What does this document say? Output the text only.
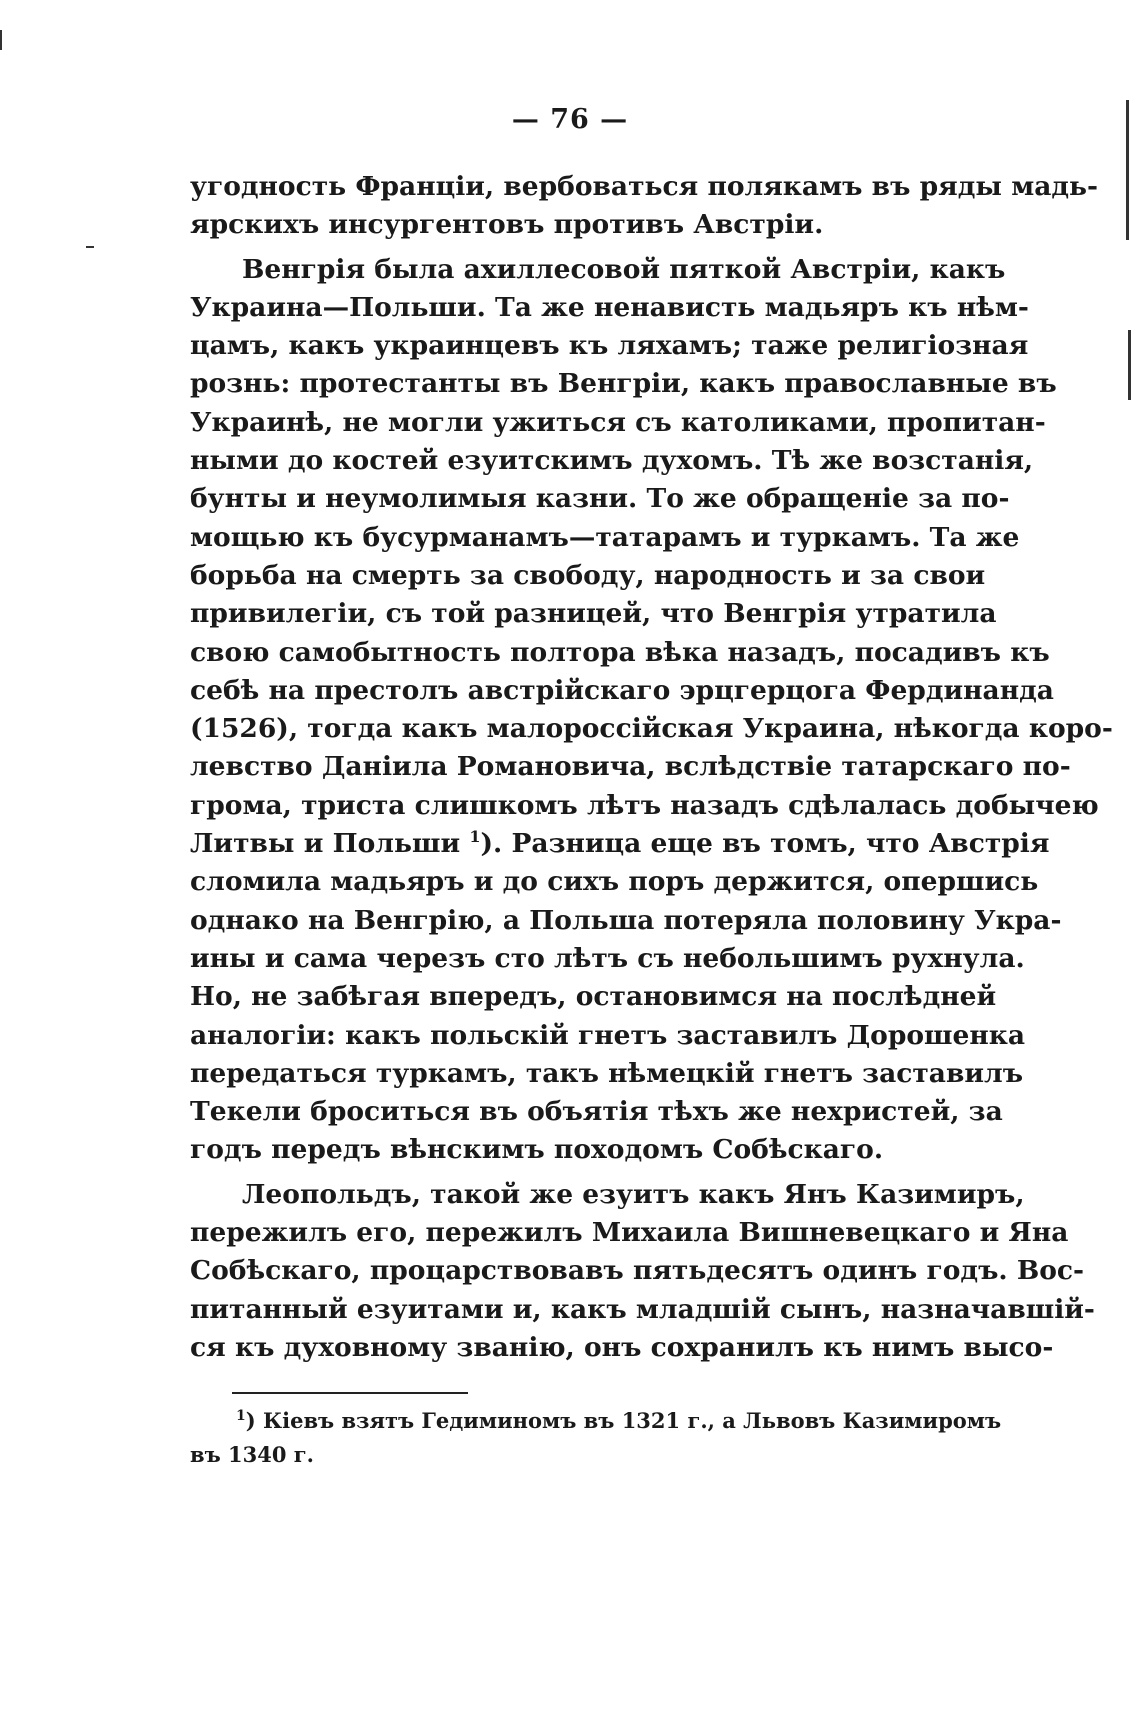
— 76 —
угодность Франціи, вербоваться полякамъ въ ряды мадь-
ярскихъ инсургентовъ противъ Австріи.
Венгрія была ахиллесовой пяткой Австріи, какъ
Украина—Польши. Та же ненависть мадьяръ къ нѣм-
цамъ, какъ украинцевъ къ ляхамъ; таже религіозная
рознь: протестанты въ Венгріи, какъ православные въ
Украинѣ, не могли ужиться съ католиками, пропитан-
ными до костей езуитскимъ духомъ. Тѣ же возстанія,
бунты и неумолимыя казни. То же обращеніе за по-
мощью къ бусурманамъ—татарамъ и туркамъ. Та же
борьба на смерть за свободу, народность и за свои
привилегіи, съ той разницей, что Венгрія утратила
свою самобытность полтора вѣка назадъ, посадивъ къ
себѣ на престолъ австрійскаго эрцгерцога Фердинанда
(1526), тогда какъ малороссійская Украина, нѣкогда коро-
левство Даніила Романовича, вслѣдствіе татарскаго по-
грома, триста слишкомъ лѣтъ назадъ сдѣлалась добычею
Литвы и Польши $^1$). Разница еще въ томъ, что Австрія
сломила мадьяръ и до сихъ поръ держится, опершись
однако на Венгрію, а Польша потеряла половину Укра-
ины и сама черезъ сто лѣтъ съ небольшимъ рухнула.
Но, не забѣгая впередъ, остановимся на послѣдней
аналогіи: какъ польскій гнетъ заставилъ Дорошенка
передаться туркамъ, такъ нѣмецкій гнетъ заставилъ
Текели броситься въ объятія тѣхъ же нехристей, за
годъ передъ вѣнскимъ походомъ Собѣскаго.
Леопольдъ, такой же езуитъ какъ Янъ Казимиръ,
пережилъ его, пережилъ Михаила Вишневецкаго и Яна
Собѣскаго, процарствовавъ пятьдесятъ одинъ годъ. Вос-
питанный езуитами и, какъ младшій сынъ, назначавшій-
ся къ духовному званію, онъ сохранилъ къ нимъ высо-
$^1$) Кіевъ взятъ Гедиминомъ въ 1321 г., а Львовъ Казимиромъ
въ 1340 г.
